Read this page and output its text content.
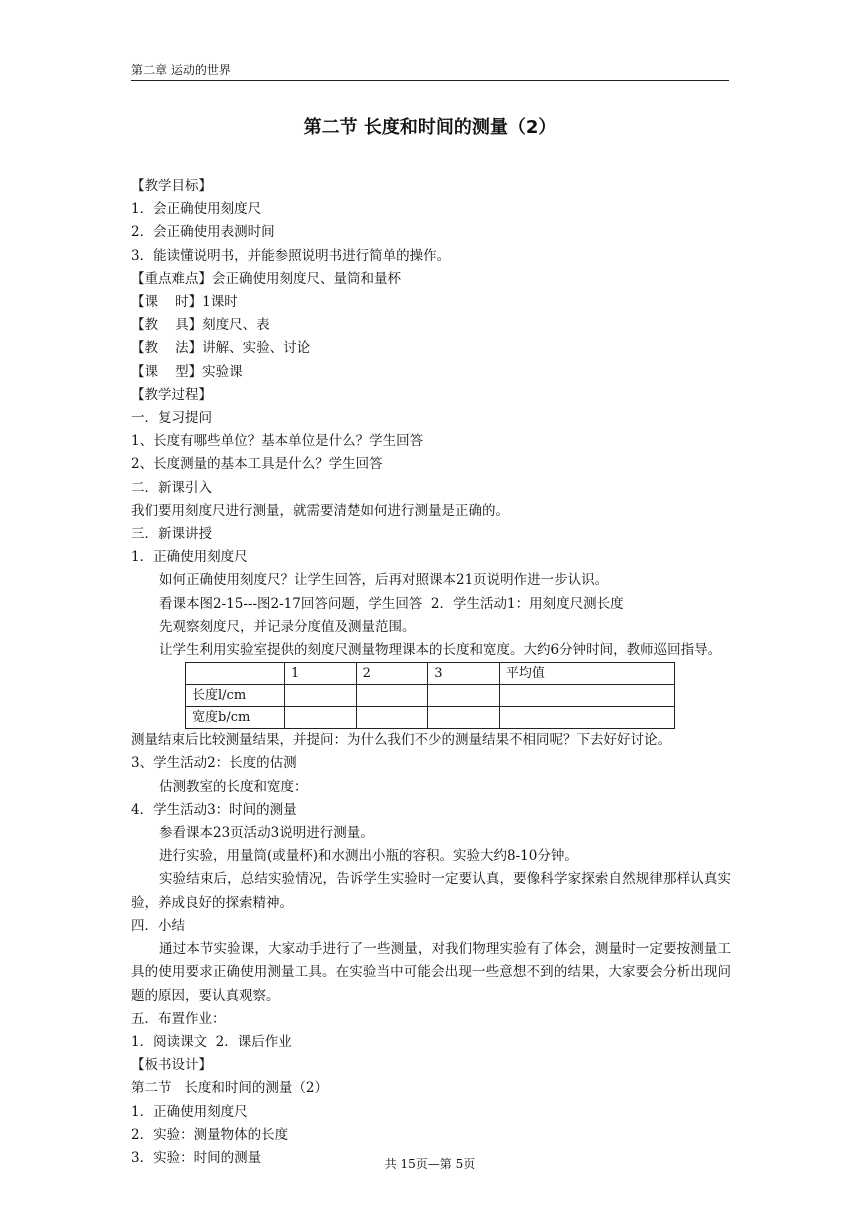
第二章 运动的世界
第二节 长度和时间的测量（2）
【教学目标】
1．会正确使用刻度尺
2．会正确使用表测时间
3．能读懂说明书，并能参照说明书进行简单的操作。
【重点难点】会正确使用刻度尺、量筒和量杯
【课    时】1课时
【教    具】刻度尺、表
【教    法】讲解、实验、讨论
【课    型】实验课
【教学过程】
一．复习提问
1、长度有哪些单位？基本单位是什么？学生回答
2、长度测量的基本工具是什么？学生回答
二．新课引入
我们要用刻度尺进行测量，就需要清楚如何进行测量是正确的。
三．新课讲授
1．正确使用刻度尺
如何正确使用刻度尺？让学生回答，后再对照课本21页说明作进一步认识。
看课本图2-15---图2-17回答问题，学生回答  2．学生活动1：用刻度尺测长度
先观察刻度尺，并记录分度值及测量范围。
让学生利用实验室提供的刻度尺测量物理课本的长度和宽度。大约6分钟时间，教师巡回指导。
	1	2	3	平均值
长度l/cm				
宽度b/cm				
测量结束后比较测量结果，并提问：为什么我们不少的测量结果不相同呢？下去好好讨论。
3、学生活动2：长度的估测
估测教室的长度和宽度：
4．学生活动3：时间的测量
参看课本23页活动3说明进行测量。
进行实验，用量筒(或量杯)和水测出小瓶的容积。实验大约8-10分钟。
实验结束后，总结实验情况，告诉学生实验时一定要认真，要像科学家探索自然规律那样认真实验，养成良好的探索精神。
四．小结
通过本节实验课，大家动手进行了一些测量，对我们物理实验有了体会，测量时一定要按测量工具的使用要求正确使用测量工具。在实验当中可能会出现一些意想不到的结果，大家要会分析出现问题的原因，要认真观察。
五．布置作业：
1．阅读课文  2．课后作业
【板书设计】
第二节   长度和时间的测量（2）
1．正确使用刻度尺
2．实验：测量物体的长度
3．实验：时间的测量	共 15页—第 5页
